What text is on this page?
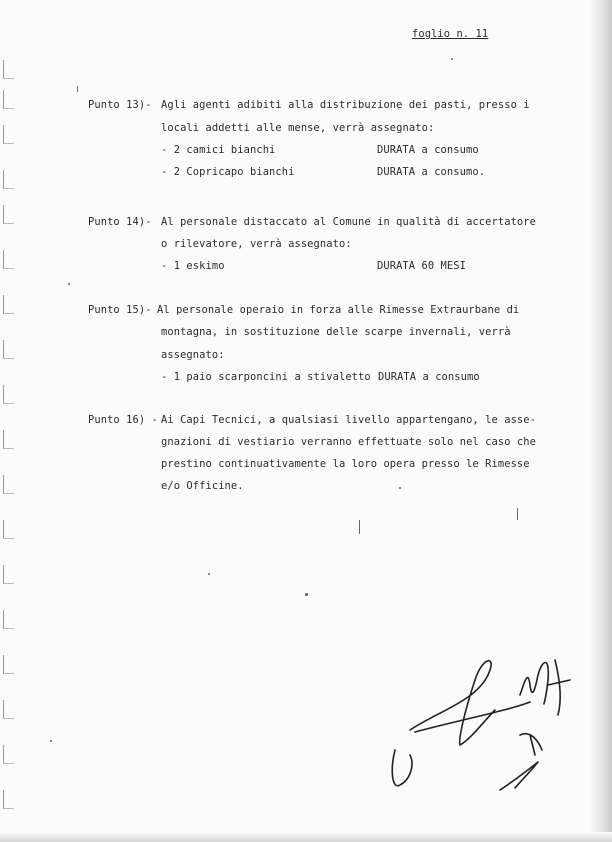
foglio n. 11
Punto 13)- Agli agenti adibiti alla distribuzione dei pasti, presso i
locali addetti alle mense, verrà assegnato:
- 2 camici bianchi	DURATA a consumo
- 2 Copricapo bianchi	DURATA a consumo.
Punto 14)- Al personale distaccato al Comune in qualità di accertatore
o rilevatore, verrà assegnato:
- 1 eskimo	DURATA 60 MESI
Punto 15)- Al personale operaio in forza alle Rimesse Extraurbane di
montagna, in sostituzione delle scarpe invernali, verrà
assegnato:
- 1 paio scarponcini a stivaletto DURATA a consumo
Punto 16) - Ai Capi Tecnici, a qualsiasi livello appartengano, le asse-
gnazioni di vestiario verranno effettuate solo nel caso che
prestino continuativamente la loro opera presso le Rimesse
e/o Officine.
